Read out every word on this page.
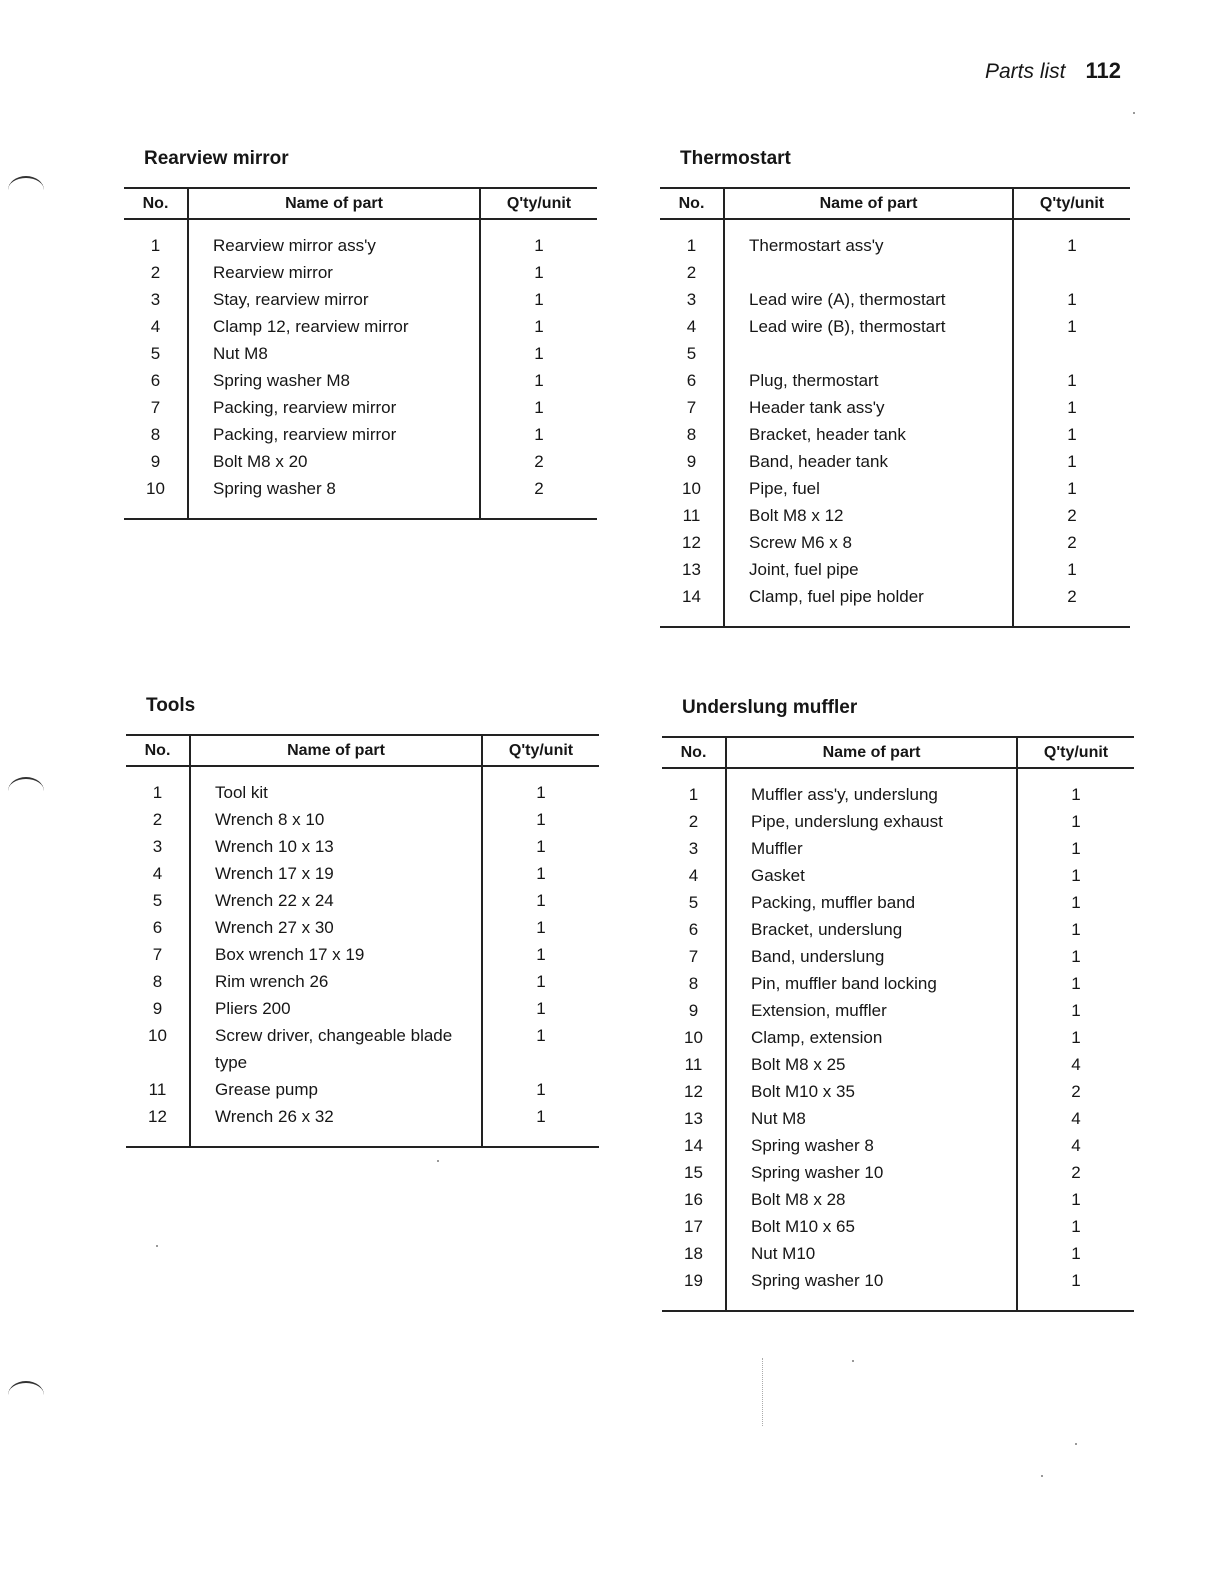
Parts list 112
Rearview mirror
No.	Name of part	Q'ty/unit

1	Rearview mirror ass'y	1
2	Rearview mirror	1
3	Stay, rearview mirror	1
4	Clamp 12, rearview mirror	1
5	Nut M8	1
6	Spring washer M8	1
7	Packing, rearview mirror	1
8	Packing, rearview mirror	1
9	Bolt M8 x 20	2
10	Spring washer 8	2

Thermostart
No.	Name of part	Q'ty/unit

1	Thermostart ass'y	1
2		
3	Lead wire (A), thermostart	1
4	Lead wire (B), thermostart	1
5		
6	Plug, thermostart	1
7	Header tank ass'y	1
8	Bracket, header tank	1
9	Band, header tank	1
10	Pipe, fuel	1
11	Bolt M8 x 12	2
12	Screw M6 x 8	2
13	Joint, fuel pipe	1
14	Clamp, fuel pipe holder	2

Tools
No.	Name of part	Q'ty/unit

1	Tool kit	1
2	Wrench 8 x 10	1
3	Wrench 10 x 13	1
4	Wrench 17 x 19	1
5	Wrench 22 x 24	1
6	Wrench 27 x 30	1
7	Box wrench 17 x 19	1
8	Rim wrench 26	1
9	Pliers 200	1
10	Screw driver, changeable blade	1
	type	
11	Grease pump	1
12	Wrench 26 x 32	1

Underslung muffler
No.	Name of part	Q'ty/unit

1	Muffler ass'y, underslung	1
2	Pipe, underslung exhaust	1
3	Muffler	1
4	Gasket	1
5	Packing, muffler band	1
6	Bracket, underslung	1
7	Band, underslung	1
8	Pin, muffler band locking	1
9	Extension, muffler	1
10	Clamp, extension	1
11	Bolt M8 x 25	4
12	Bolt M10 x 35	2
13	Nut M8	4
14	Spring washer 8	4
15	Spring washer 10	2
16	Bolt M8 x 28	1
17	Bolt M10 x 65	1
18	Nut M10	1
19	Spring washer 10	1
